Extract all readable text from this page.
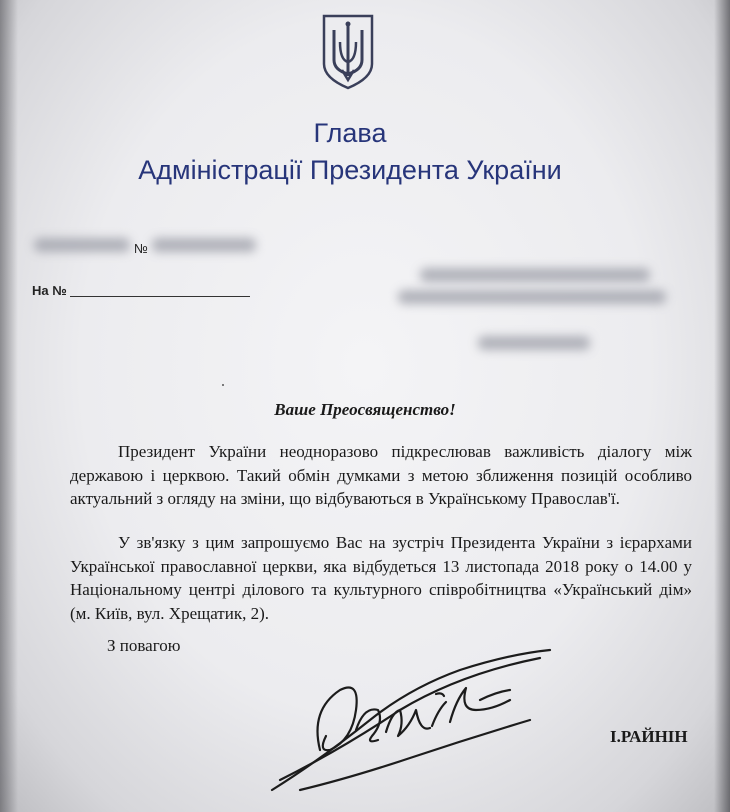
Глава
Адміністрації Президента України
№
На №
Ваше Преосвященство!
Президент України неодноразово підкреслював важливість діалогу між державою і церквою. Такий обмін думками з метою зближення позицій особливо актуальний з огляду на зміни, що відбуваються в Українському Православ'ї.
У зв'язку з цим запрошуємо Вас на зустріч Президента України з ієрархами Української православної церкви, яка відбудеться 13 листопада 2018 року о 14.00 у Національному центрі ділового та культурного співробітництва «Український дім» (м. Київ, вул. Хрещатик, 2).
З повагою
І.РАЙНІН
